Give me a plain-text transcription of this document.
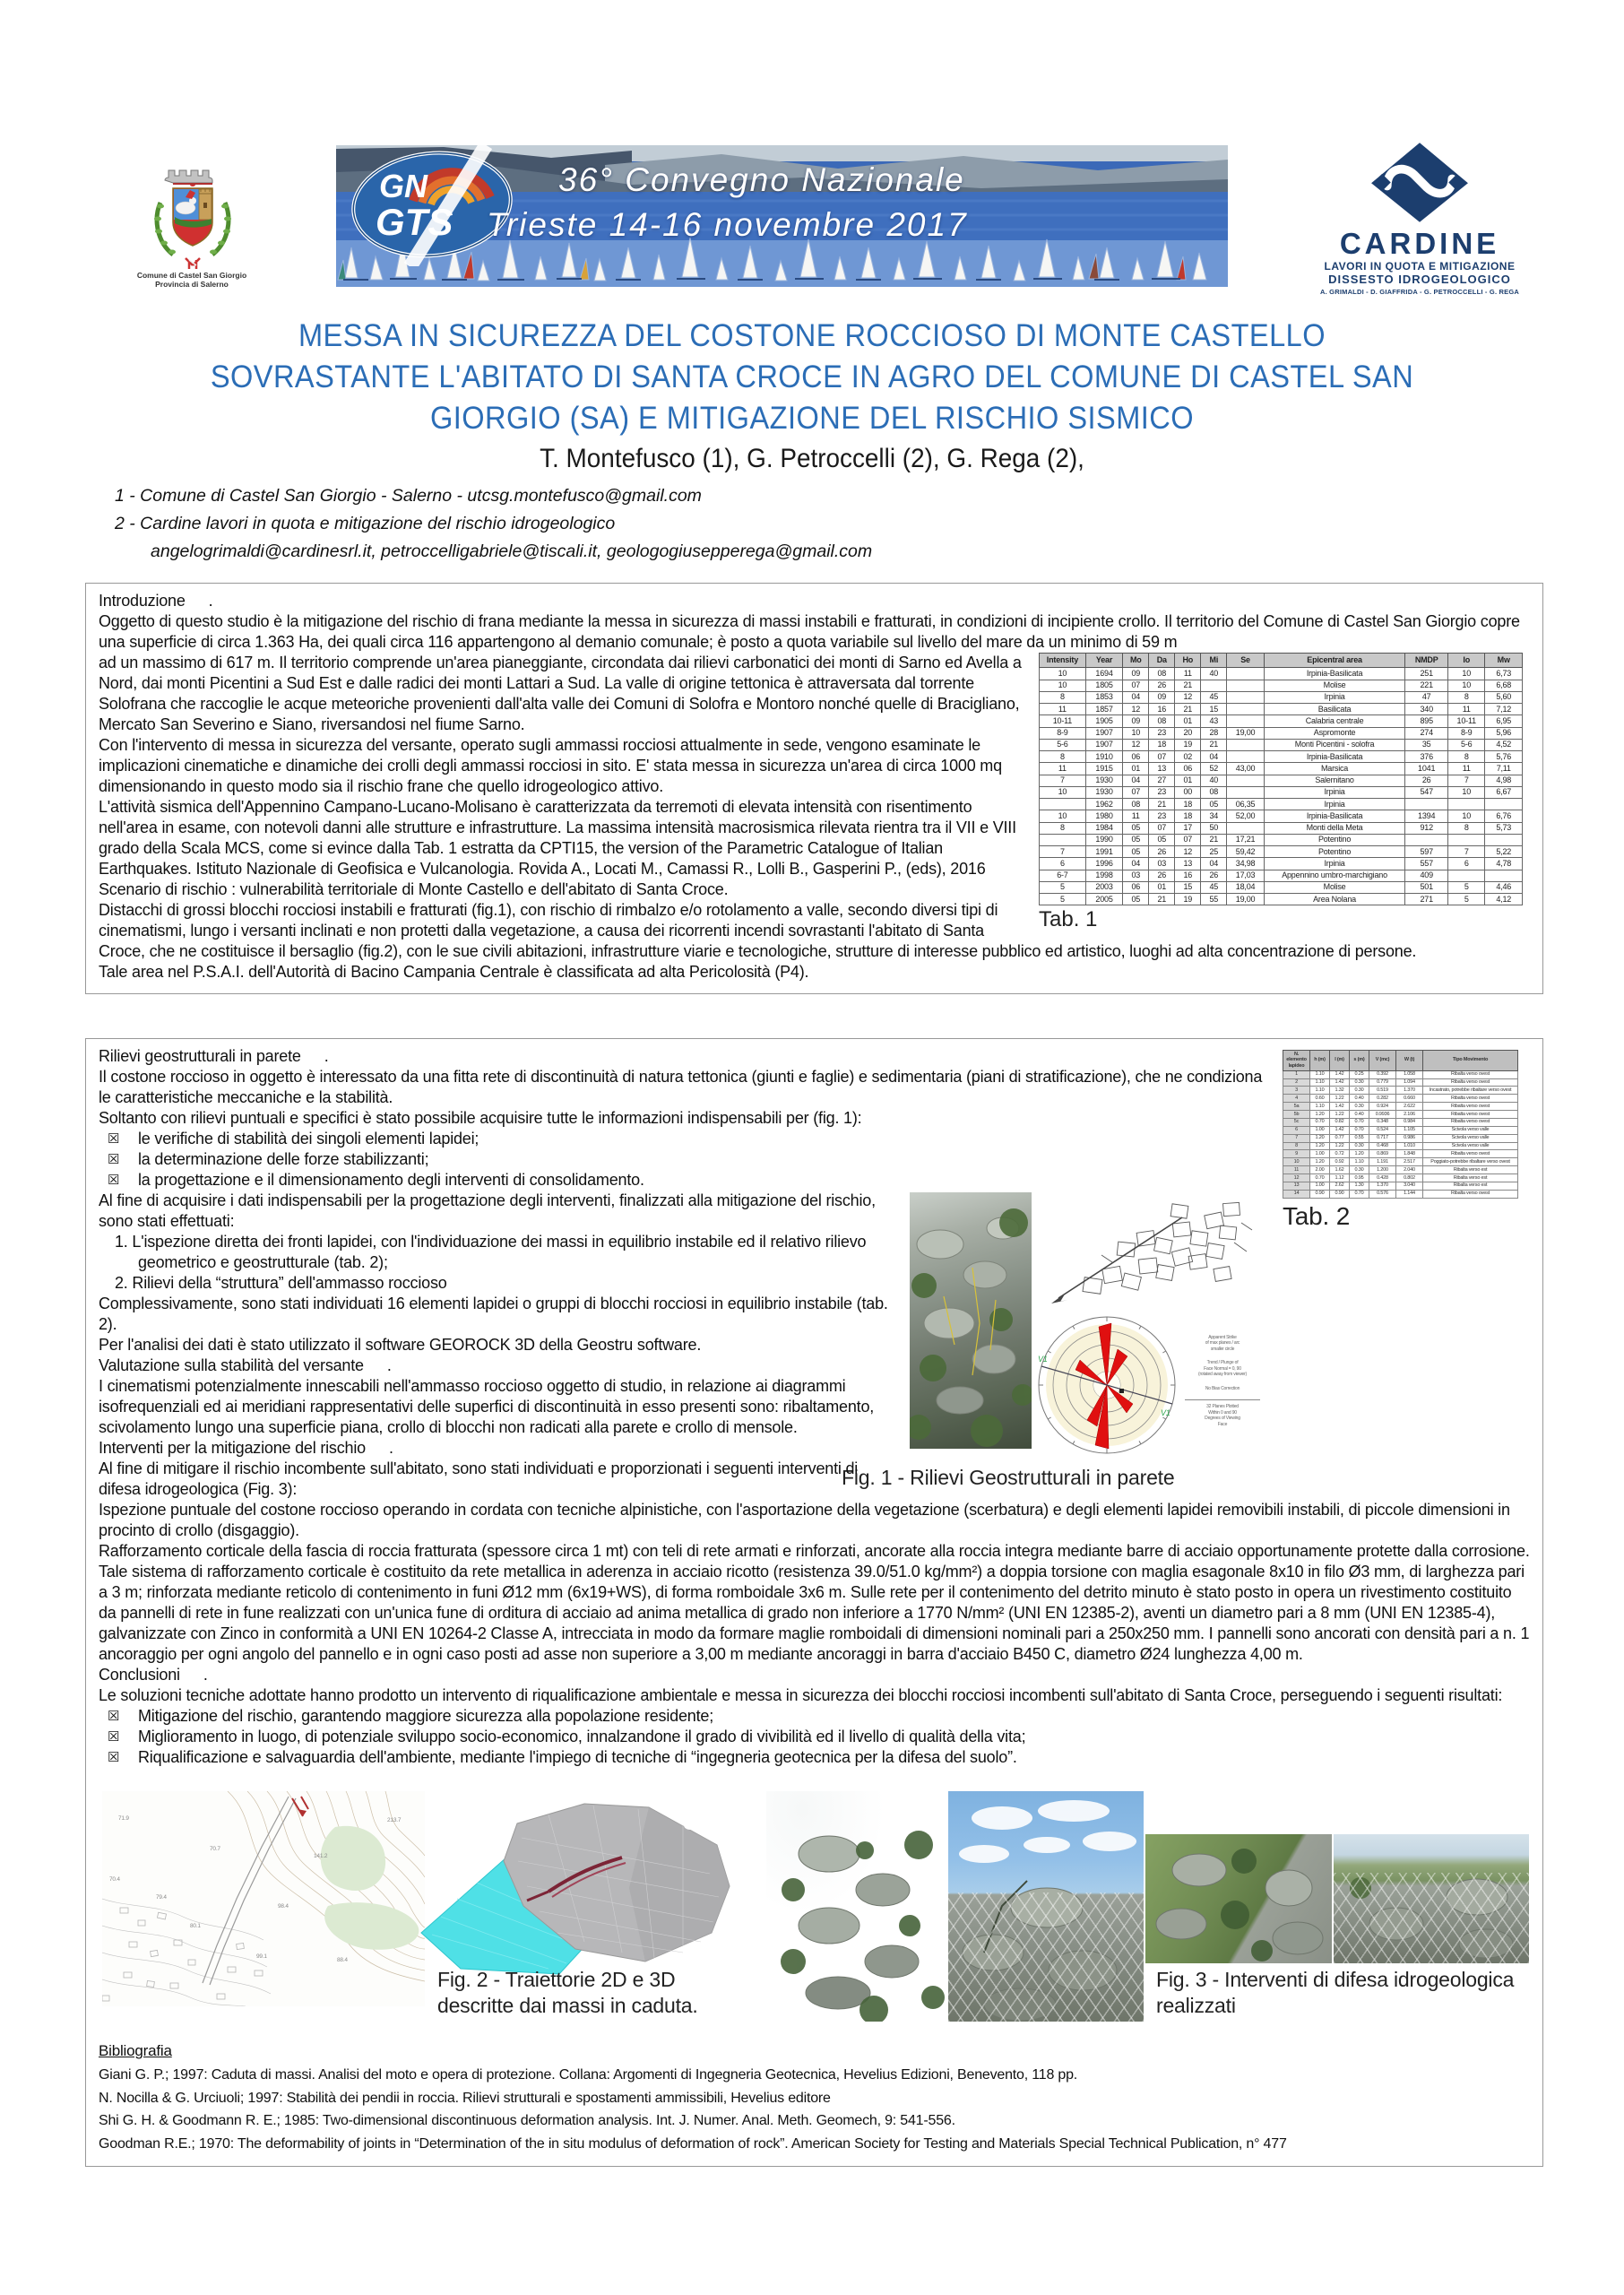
Comune di Castel San Giorgio
Provincia di Salerno
GN
GTS
36° Convegno Nazionale
Trieste 14-16 novembre 2017
CARDINE
LAVORI IN QUOTA E MITIGAZIONE
DISSESTO IDROGEOLOGICO
A. GRIMALDI - D. GIAFFRIDA - G. PETROCCELLI - G. REGA
MESSA IN SICUREZZA DEL COSTONE ROCCIOSO DI MONTE CASTELLO
SOVRASTANTE L'ABITATO DI SANTA CROCE IN AGRO DEL COMUNE DI CASTEL SAN
GIORGIO (SA) E MITIGAZIONE DEL RISCHIO SISMICO
T. Montefusco (1), G. Petroccelli (2), G. Rega (2),
1 - Comune di Castel San Giorgio - Salerno - utcsg.montefusco@gmail.com
2 - Cardine lavori in quota e mitigazione del rischio idrogeologico
angelogrimaldi@cardinesrl.it, petroccelligabriele@tiscali.it, geologogiusepperega@gmail.com
Introduzione .

Oggetto di questo studio è la mitigazione del rischio di frana mediante la messa in sicurezza di massi instabili e fratturati, in condizioni di incipiente crollo. Il territorio del Comune di Castel San Giorgio copre una superficie di circa 1.363 Ha, dei quali circa 116 appartengono al demanio comunale; è posto a quota variabile sul livello del mare da un minimo di 59 m

Intensity	Year	Mo	Da	Ho	Mi	Se	Epicentral area	NMDP	Io	Mw
10	1694	09	08	11	40		Irpinia-Basilicata	251	10	6,73
10	1805	07	26	21			Molise	221	10	6,68
8	1853	04	09	12	45		Irpinia	47	8	5,60
11	1857	12	16	21	15		Basilicata	340	11	7,12
10-11	1905	09	08	01	43		Calabria centrale	895	10-11	6,95
8-9	1907	10	23	20	28	19,00	Aspromonte	274	8-9	5,96
5-6	1907	12	18	19	21		Monti Picentini - solofra	35	5-6	4,52
8	1910	06	07	02	04		Irpinia-Basilicata	376	8	5,76
11	1915	01	13	06	52	43,00	Marsica	1041	11	7,11
7	1930	04	27	01	40		Salernitano	26	7	4,98
10	1930	07	23	00	08		Irpinia	547	10	6,67
	1962	08	21	18	05	06,35	Irpinia			
10	1980	11	23	18	34	52,00	Irpinia-Basilicata	1394	10	6,76
8	1984	05	07	17	50		Monti della Meta	912	8	5,73
	1990	05	05	07	21	17,21	Potentino			
7	1991	05	26	12	25	59,42	Potentino	597	7	5,22
6	1996	04	03	13	04	34,98	Irpinia	557	6	4,78
6-7	1998	03	26	16	26	17,03	Appennino umbro-marchigiano	409		
5	2003	06	01	15	45	18,04	Molise	501	5	4,46
5	2005	05	21	19	55	19,00	Area Nolana	271	5	4,12
Tab. 1

ad un massimo di 617 m. Il territorio comprende un'area pianeggiante, circondata dai rilievi carbonatici dei monti di Sarno ed Avella a Nord, dai monti Picentini a Sud Est e dalle radici dei monti Lattari a Sud. La valle di origine tettonica è attraversata dal torrente Solofrana che raccoglie le acque meteoriche provenienti dall'alta valle dei Comuni di Solofra e Montoro nonché quelle di Bracigliano, Mercato San Severino e Siano, riversandosi nel fiume Sarno.

Con l'intervento di messa in sicurezza del versante, operato sugli ammassi rocciosi attualmente in sede, vengono esaminate le implicazioni cinematiche e dinamiche dei crolli degli ammassi rocciosi in sito. E' stata messa in sicurezza un'area di circa 1000 mq dimensionando in questo modo sia il rischio frane che quello idrogeologico attivo.

L'attività sismica dell'Appennino Campano-Lucano-Molisano è caratterizzata da terremoti di elevata intensità con risentimento nell'area in esame, con notevoli danni alle strutture e infrastrutture. La massima intensità macrosismica rilevata rientra tra il VII e VIII grado della Scala MCS, come si evince dalla Tab. 1 estratta da CPTI15, the version of the Parametric Catalogue of Italian Earthquakes. Istituto Nazionale di Geofisica e Vulcanologia. Rovida A., Locati M., Camassi R., Lolli B., Gasperini P., (eds), 2016

Scenario di rischio : vulnerabilità territoriale di Monte Castello e dell'abitato di Santa Croce.

Distacchi di grossi blocchi rocciosi instabili e fratturati (fig.1), con rischio di rimbalzo e/o rotolamento a valle, secondo diversi tipi di cinematismi, lungo i versanti inclinati e non protetti dalla vegetazione, a causa dei ricorrenti incendi sovrastanti l'abitato di Santa Croce, che ne costituisce il bersaglio (fig.2), con le sue civili abitazioni, infrastrutture viarie e tecnologiche, strutture di interesse pubblico ed artistico, luoghi ad alta concentrazione di persone.

Tale area nel P.S.A.I. dell'Autorità di Bacino Campania Centrale è classificata ad alta Pericolosità (P4).

N. elemento lapideo	h (m)	l (m)	s (m)	V (mc)	W (t)	Tipo Movimento
1	1.10	1.42	0.25	0.392	1.058	Ribalta verso ovest
2	1.10	1.42	0.30	0.779	1.094	Ribalta verso ovest
3	1.10	1.32	0.30	0.519	1.370	Incastrato, potrebbe ribaltare verso ovest
4	0.60	1.22	0.40	0.282	0.660	Ribalta verso ovest
5a	1.10	1.42	0.30	0.924	2.622	Ribalta verso ovest
5b	1.20	1.22	0.40	0.9936	2.106	Ribalta verso ovest
5c	0.70	0.82	0.70	0.348	0.984	Ribalta verso ovest
6	1.00	1.42	0.70	0.524	1.105	Scivola verso valle
7	1.20	0.77	0.55	0.717	0.986	Scivola verso valle
8	1.20	1.22	0.30	0.468	1.010	Scivola verso valle
9	1.00	0.72	1.20	0.869	1.848	Ribalta verso ovest
10	1.20	0.92	1.10	1.191	2.517	Poggiato-potrebbe ribaltare verso ovest
11	2.00	1.62	0.30	1.200	2.040	Ribalta verso est
12	0.70	1.12	0.95	0.428	0.802	Ribalta verso est
13	1.00	2.62	1.30	1.370	3.040	Ribalta verso est
14	0.90	0.90	0.70	0.576	1.144	Ribalta verso ovest
Tab. 2
Rilievi geostrutturali in parete .

Il costone roccioso in oggetto è interessato da una fitta rete di discontinuità di natura tettonica (giunti e faglie) e sedimentaria (piani di stratificazione), che ne condiziona le caratteristiche meccaniche e la stabilità.

Soltanto con rilievi puntuali e specifici è stato possibile acquisire tutte le informazioni indispensabili per (fig. 1):

☒	le verifiche di stabilità dei singoli elementi lapidei;
☒	la determinazione delle forze stabilizzanti;
☒	la progettazione e il dimensionamento degli interventi di consolidamento.
V1
V1
Apparent Strike
of max planes / arc
smaller circle
Trend / Plunge of
Face Normal = 0, 90
(rotated away from viewer)
No Bias Correction
32 Planes Plotted
Within 0 and 90
Degrees of Viewing
Face
Fig. 1 - Rilievi Geostrutturali in parete

Al fine di acquisire i dati indispensabili per la progettazione degli interventi, finalizzati alla mitigazione del rischio, sono stati effettuati:

1. L'ispezione diretta dei fronti lapidei, con l'individuazione dei massi in equilibrio instabile ed il relativo rilievo geometrico e geostrutturale (tab. 2);
2. Rilievi della “struttura” dell'ammasso roccioso

Complessivamente, sono stati individuati 16 elementi lapidei o gruppi di blocchi rocciosi in equilibrio instabile (tab. 2).

Per l'analisi dei dati è stato utilizzato il software GEOROCK 3D della Geostru software.

Valutazione sulla stabilità del versante .

I cinematismi potenzialmente innescabili nell'ammasso roccioso oggetto di studio, in relazione ai diagrammi isofrequenziali ed ai meridiani rappresentativi delle superfici di discontinuità in esso presenti sono: ribaltamento, scivolamento lungo una superficie piana, crollo di blocchi non radicati alla parete e crollo di mensole.

Interventi per la mitigazione del rischio .

Al fine di mitigare il rischio incombente sull'abitato, sono stati individuati e proporzionati i seguenti interventi di difesa idrogeologica (Fig. 3):

Ispezione puntuale del costone roccioso operando in cordata con tecniche alpinistiche, con l'asportazione della vegetazione (scerbatura) e degli elementi lapidei removibili instabili, di piccole dimensioni in procinto di crollo (disgaggio).

Rafforzamento corticale della fascia di roccia fratturata (spessore circa 1 mt) con teli di rete armati e rinforzati, ancorate alla roccia integra mediante barre di acciaio opportunamente protette dalla corrosione. Tale sistema di rafforzamento corticale è costituito da rete metallica in aderenza in acciaio ricotto (resistenza 39.0/51.0 kg/mm²) a doppia torsione con maglia esagonale 8x10 in filo Ø3 mm, di larghezza pari a 3 m; rinforzata mediante reticolo di contenimento in funi Ø12 mm (6x19+WS), di forma romboidale 3x6 m. Sulle rete per il contenimento del detrito minuto è stato posto in opera un rivestimento costituito da pannelli di rete in fune realizzati con un'unica fune di orditura di acciaio ad anima metallica di grado non inferiore a 1770 N/mm² (UNI EN 12385-2), aventi un diametro pari a 8 mm (UNI EN 12385-4), galvanizzate con Zinco in conformità a UNI EN 10264-2 Classe A, intrecciata in modo da formare maglie romboidali di dimensioni nominali pari a 250x250 mm. I pannelli sono ancorati con densità pari a n. 1 ancoraggio per ogni angolo del pannello e in ogni caso posti ad asse non superiore a 3,00 m mediante ancoraggi in barra d'acciaio B450 C, diametro Ø24 lunghezza 4,00 m.

Conclusioni .

Le soluzioni tecniche adottate hanno prodotto un intervento di riqualificazione ambientale e messa in sicurezza dei blocchi rocciosi incombenti sull'abitato di Santa Croce, perseguendo i seguenti risultati:

☒	Mitigazione del rischio, garantendo maggiore sicurezza alla popolazione residente;
☒	Miglioramento in luogo, di potenziale sviluppo socio-economico, innalzandone il grado di vivibilità ed il livello di qualità della vita;
☒	Riqualificazione e salvaguardia dell'ambiente, mediante l'impiego di tecniche di “ingegneria geotecnica per la difesa del suolo”.
71.9
70.7
70.4
79.4
80.1
98.4
141.2
99.1
213.7
88.4
Fig. 2 - Traiettorie 2D e 3D descritte dai massi in caduta.
Fig. 3 - Interventi di difesa idrogeologica realizzati
Bibliografia
Giani G. P.; 1997: Caduta di massi. Analisi del moto e opera di protezione. Collana: Argomenti di Ingegneria Geotecnica, Hevelius Edizioni, Benevento, 118 pp.
N. Nocilla & G. Urciuoli; 1997: Stabilità dei pendii in roccia. Rilievi strutturali e spostamenti ammissibili, Hevelius editore
Shi G. H. & Goodmann R. E.; 1985: Two-dimensional discontinuous deformation analysis. Int. J. Numer. Anal. Meth. Geomech, 9: 541-556.
Goodman R.E.; 1970: The deformability of joints in “Determination of the in situ modulus of deformation of rock”. American Society for Testing and Materials Special Technical Publication, n° 477
